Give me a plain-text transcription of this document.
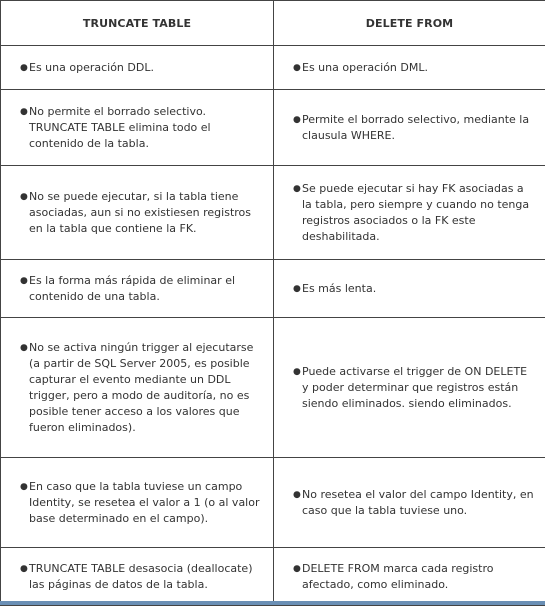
TRUNCATE TABLE	DELETE FROM

● Es una operación DDL.	● Es una operación DML.

● No permite el borrado selectivo. TRUNCATE TABLE elimina todo el contenido de la tabla.	● Permite el borrado selectivo, mediante la clausula WHERE.

● No se puede ejecutar, si la tabla tiene asociadas, aun si no existiesen registros en la tabla que contiene la FK.	● Se puede ejecutar si hay FK asociadas a la tabla, pero siempre y cuando no tenga registros asociados o la FK este deshabilitada.

● Es la forma más rápida de eliminar el contenido de una tabla.	● Es más lenta.

● No se activa ningún trigger al ejecutarse (a partir de SQL Server 2005, es posible capturar el evento mediante un DDL trigger, pero a modo de auditoría, no es posible tener acceso a los valores que fueron eliminados).	● Puede activarse el trigger de ON DELETE y poder determinar que registros están siendo eliminados. siendo eliminados.

● En caso que la tabla tuviese un campo Identity, se resetea el valor a 1 (o al valor base determinado en el campo).	● No resetea el valor del campo Identity, en caso que la tabla tuviese uno.

● TRUNCATE TABLE desasocia (deallocate) las páginas de datos de la tabla.	● DELETE FROM marca cada registro afectado, como eliminado.
